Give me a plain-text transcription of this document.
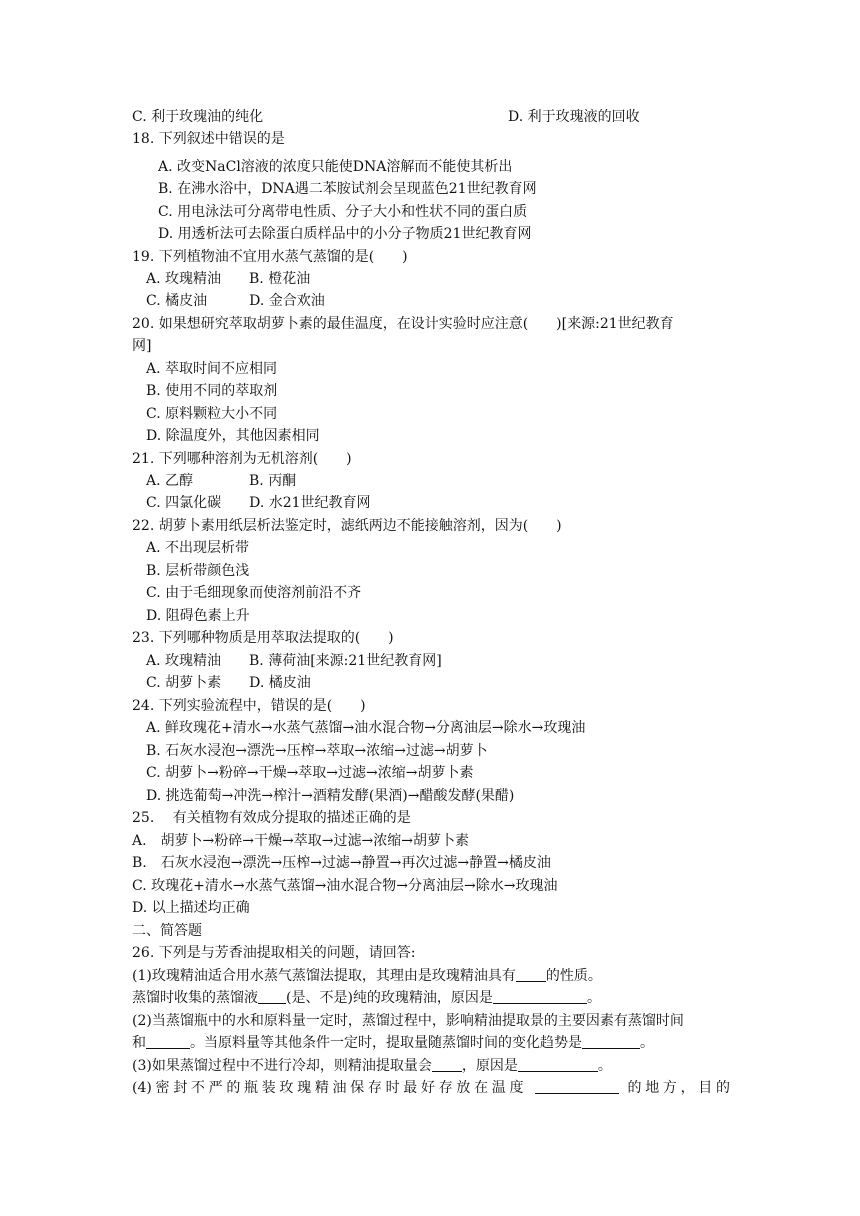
C. 利于玫瑰油的纯化	D. 利于玫瑰液的回收
18. 下列叙述中错误的是
A. 改变NaCl溶液的浓度只能使DNA溶解而不能使其析出
B. 在沸水浴中，DNA遇二苯胺试剂会呈现蓝色21世纪教育网
C. 用电泳法可分离带电性质、分子大小和性状不同的蛋白质
D. 用透析法可去除蛋白质样品中的小分子物质21世纪教育网
19. 下列植物油不宜用水蒸气蒸馏的是(　　)
A. 玫瑰精油　　B. 橙花油
C. 橘皮油　　　D. 金合欢油
20. 如果想研究萃取胡萝卜素的最佳温度，在设计实验时应注意(　　)[来源:21世纪教育
网]
A. 萃取时间不应相同
B. 使用不同的萃取剂
C. 原料颗粒大小不同
D. 除温度外，其他因素相同
21. 下列哪种溶剂为无机溶剂(　　)
A. 乙醇　　　　B. 丙酮
C. 四氯化碳　　D. 水21世纪教育网
22. 胡萝卜素用纸层析法鉴定时，滤纸两边不能接触溶剂，因为(　　)
A. 不出现层析带
B. 层析带颜色浅
C. 由于毛细现象而使溶剂前沿不齐
D. 阻碍色素上升
23. 下列哪种物质是用萃取法提取的(　　)
A. 玫瑰精油　　B. 薄荷油[来源:21世纪教育网]
C. 胡萝卜素　　D. 橘皮油
24. 下列实验流程中，错误的是(　　)
A. 鲜玫瑰花+清水→水蒸气蒸馏→油水混合物→分离油层→除水→玫瑰油
B. 石灰水浸泡→漂洗→压榨→萃取→浓缩→过滤→胡萝卜
C. 胡萝卜→粉碎→干燥→萃取→过滤→浓缩→胡萝卜素
D. 挑选葡萄→冲洗→榨汁→酒精发酵(果酒)→醋酸发酵(果醋)
25.　 有关植物有效成分提取的描述正确的是
A.　胡萝卜→粉碎→干燥→萃取→过滤→浓缩→胡萝卜素
B.　石灰水浸泡→漂洗→压榨→过滤→静置→再次过滤→静置→橘皮油
C. 玫瑰花+清水→水蒸气蒸馏→油水混合物→分离油层→除水→玫瑰油
D. 以上描述均正确
二、简答题
26. 下列是与芳香油提取相关的问题，请回答:
(1)玫瑰精油适合用水蒸气蒸馏法提取，其理由是玫瑰精油具有 的性质。
蒸馏时收集的蒸馏液 (是、不是)纯的玫瑰精油，原因是	。
(2)当蒸馏瓶中的水和原料量一定时，蒸馏过程中，影响精油提取景的主要因素有蒸馏时间
和	。当原料量等其他条件一定时，提取量随蒸馏时间的变化趋势是	。
(3)如果蒸馏过程中不进行冷却，则精油提取量会 ，原因是	。
(4)密封不严的瓶装玫瑰精油保存时最好存放在温度	的地方，目的
